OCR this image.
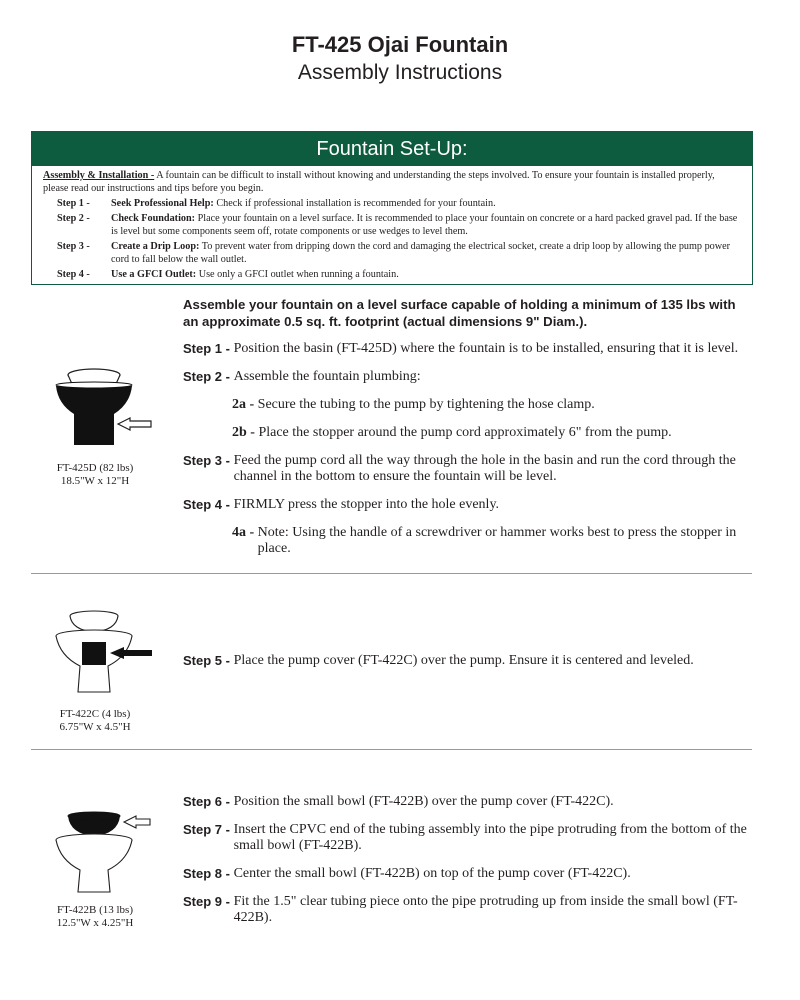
FT-425 Ojai Fountain
Assembly Instructions
Fountain Set-Up:

Assembly & Installation - A fountain can be difficult to install without knowing and understanding the steps involved. To ensure your fountain is installed properly, please read our instructions and tips before you begin.

Step 1 -	Seek Professional Help: Check if professional installation is recommended for your fountain.
Step 2 -	Check Foundation: Place your fountain on a level surface. It is recommended to place your fountain on concrete or a hard packed gravel pad. If the base is level but some components seem off, rotate components or use wedges to level them.
Step 3 -	Create a Drip Loop: To prevent water from dripping down the cord and damaging the electrical socket, create a drip loop by allowing the pump power cord to fall below the wall outlet.
Step 4 -	Use a GFCI Outlet: Use only a GFCI outlet when running a fountain.
Assemble your fountain on a level surface capable of holding a minimum of 135 lbs with an approximate 0.5 sq. ft. footprint (actual dimensions 9" Diam.).
FT-425D (82 lbs)
18.5"W x 12"H
Step 1 - Position the basin (FT-425D) where the fountain is to be installed, ensuring that it is level.
Step 2 - Assemble the fountain plumbing:
2a - Secure the tubing to the pump by tightening the hose clamp.
2b - Place the stopper around the pump cord approximately 6" from the pump.
Step 3 - Feed the pump cord all the way through the hole in the basin and run the cord through the channel in the bottom to ensure the fountain will be level.
Step 4 - FIRMLY press the stopper into the hole evenly.
4a - Note: Using the handle of a screwdriver or hammer works best to press the stopper in place.
FT-422C (4 lbs)
6.75"W x 4.5"H
Step 5 - Place the pump cover (FT-422C) over the pump. Ensure it is centered and leveled.
FT-422B (13 lbs)
12.5"W x 4.25"H
Step 6 - Position the small bowl (FT-422B) over the pump cover (FT-422C).
Step 7 - Insert the CPVC end of the tubing assembly into the pipe protruding from the bottom of the small bowl (FT-422B).
Step 8 - Center the small bowl (FT-422B) on top of the pump cover (FT-422C).
Step 9 - Fit the 1.5" clear tubing piece onto the pipe protruding up from inside the small bowl (FT-422B).
